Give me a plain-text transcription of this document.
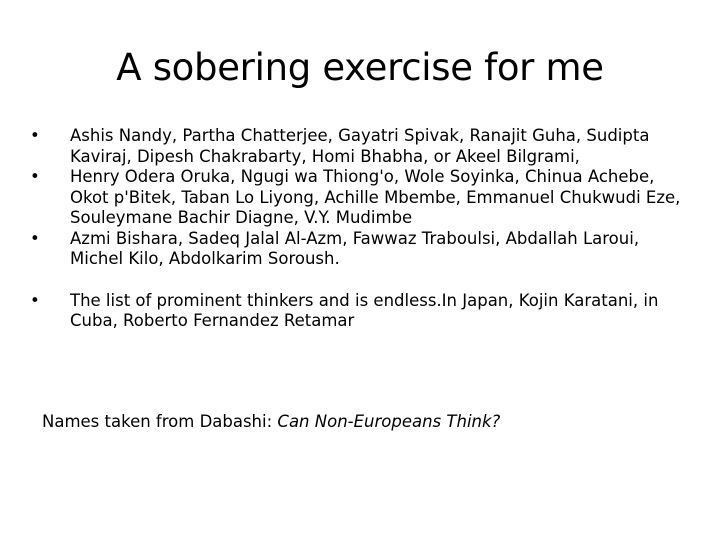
A sobering exercise for me
• Ashis Nandy, Partha Chatterjee, Gayatri Spivak, Ranajit Guha, Sudipta Kaviraj, Dipesh Chakrabarty, Homi Bhabha, or Akeel Bilgrami,
• Henry Odera Oruka, Ngugi wa Thiong'o, Wole Soyinka, Chinua Achebe, Okot p'Bitek, Taban Lo Liyong, Achille Mbembe, Emmanuel Chukwudi Eze, Souleymane Bachir Diagne, V.Y. Mudimbe
• Azmi Bishara, Sadeq Jalal Al-Azm, Fawwaz Traboulsi, Abdallah Laroui, Michel Kilo, Abdolkarim Soroush.
• The list of prominent thinkers and is endless.In Japan, Kojin Karatani, in Cuba, Roberto Fernandez Retamar
Names taken from Dabashi: Can Non-Europeans Think?
